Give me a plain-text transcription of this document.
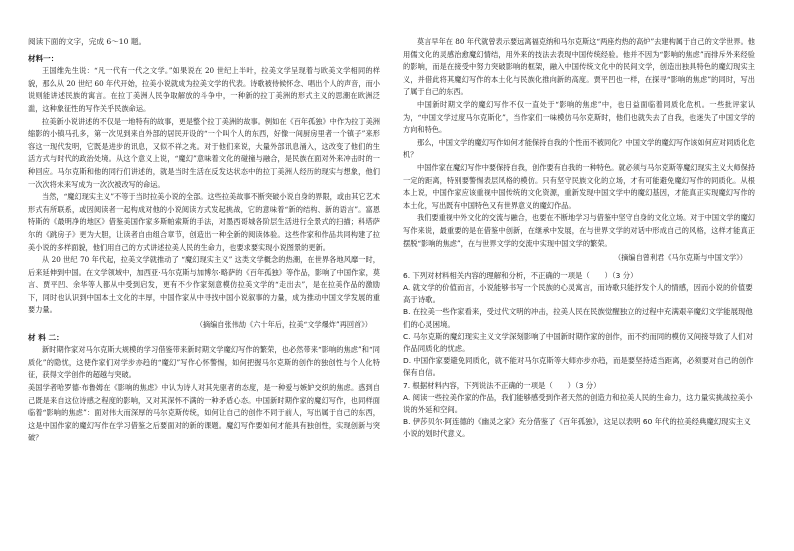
阅读下面的文字，完成 6～10 题。

材料一：

王国维先生说：“凡一代有一代之文学。”如果说在 20 世纪上半叶，拉美文学呈现着与欧美文学相同的样貌，那么从 20 世纪 60 年代开始，拉美小说就成为拉美文学的代表。诗歌被侍候怀念、唱出个人的声音，而小说则能讲述民族的寓言。在拉丁美洲人民争取解放的斗争中，一种新的拉丁美洲的形式主义的思潮在欧洲泛滥，这种象征性的写作关乎民族命运。

拉美新小说讲述的不仅是一地特有的故事，更是整个拉丁美洲的故事。例如在《百年孤独》中作为拉丁美洲缩影的小镇马孔多，第一次见到来自外部的居民开设的“一个叫个人的东西，好像一间厨房里者一个镇子”来形容这一现代发明，它既是进步的讯息，又似不祥之兆。对于他们来说，大量外部讯息涌入，这改变了他们的生活方式与时代的政治处境。从这个意义上说，“魔幻”意味着文化的碰撞与融合，是民族在面对外来冲击时的一种回应。马尔克斯和他的同行们讲述的，就是当时生活在反发达状态中的拉丁美洲人经历的现实与想象，他们一次次将未来写成为一次次被改写的命运。

当然，“魔幻现实主义”不等于当时拉美小说的全部。这些拉美故事不断突破小说自身的界限，或由其它艺术形式有所联系，或因阅读者一起构成对他的小说阅读方式发起挑战，它的意味着“新的结构、新的语言”。富恩特斯的《最明净的地区》借鉴美国作家多斯帕索斯的手法，对墨西哥城各阶层生活进行全景式的扫描；科塔萨尔的《跳房子》更为大胆，让读者自由组合章节，创造出一种全新的阅读体验。这些作家和作品共同构建了拉美小说的多样面貌，他们用自己的方式讲述拉美人民的生命力，也要求要实现小说图景的更新。

从 20 世纪 70 年代起，拉美文学就推动了 “魔幻现实主义” 这类文学概念的热潮，在世界各地风靡一时，后来延伸到中国。在文学领域中，加西亚·马尔克斯与加博尔·略萨的《百年孤独》等作品，影响了中国作家，莫言、贾平凹、余华等人都从中受到启发，更有不少作家刻意模仿拉美文学的“走出去”，是在拉美作品的激励下，同时也认识到中国本土文化的丰厚，中国作家从中寻找中国小说叙事的力量，成为推动中国文学发展的重要力量。

（摘编自张伟劼《六十年后，拉美“文学爆炸”再回首》）

材 料 二：

新时期作家对马尔克斯大规模的学习借鉴带来新时期文学魔幻写作的繁荣，也必然带来“影响的焦虑”和“同质化”的隐忧，这使作家们对学步亦趋的“魔幻”写作心怀警惕，如何把握马尔克斯的创作的独创性与个人化特征，获得文学创作的超越与突破。

美国学者哈罗德·布鲁姆在《影响的焦虑》中认为诗人对其先驱者的态度，是一种爱与嫉妒交织的焦虑。惑到自己既是来自这位诗感之程度的影响，又对其深怀不满的一种矛盾心态。中国新时期作家的魔幻写作，也同样面临着“影响的焦虑”：面对伟大而深厚的马尔克斯传统，如何让自己的创作不同于前人，写出属于自己的东西，这是中国作家的魔幻写作在学习借鉴之后要面对的新的课题。魔幻写作要如何才能具有独创性，实现创新与突破？

莫言早年在 80 年代就曾表示要远离福克纳和马尔克斯这“两座灼热的高炉”去建构属于自己的文学世界。他用儒文化的灵感治愈魔幻情结，用外来的技法去表现中国传统经验。他并不因为“影响的焦虑”而排斥外来经验的影响，而是在接受中努力突破影响的框架，融入中国传统文化中的民间文学，创造出独具特色的魔幻现实主义，并借此将其魔幻写作的本土化与民族化推向新的高度。贾平凹也一样，在探寻“影响的焦虑”的同时，写出了属于自己的东西。

中国新时期文学的魔幻写作不仅一直处于“影响的焦虑”中，也日益面临着同质化危机。一些批评家认为，“中国文学过度马尔克斯化”，当作家们一味模仿马尔克斯时，他们也就失去了自我，也迷失了中国文学的方向和特色。

那么，中国文学的魔幻写作如何才能保持自我的个性而不被同化？中国文学的魔幻写作该如何应对同质化危机？

中国作家在魔幻写作中要保持自我，创作要有自我的一种特色。就必须与马尔克斯等魔幻现实主义大师保持一定的距离，特别要警惕表层风格的模仿。只有坚守民族文化的立场，才有可能避免魔幻写作的同质化。从根本上说，中国作家应该重视中国传统的文化资源，重新发现中国文学中的魔幻基因，才能真正实现魔幻写作的本土化，写出既有中国特色又有世界意义的魔幻作品。

我们要重视中外文化的交流与融合，也要在不断地学习与借鉴中坚守自身的文化立场。对于中国文学的魔幻写作来说，最重要的是在借鉴中创新，在继承中发展，在与世界文学的对话中形成自己的风格，这样才能真正摆脱“影响的焦虑”，在与世界文学的交流中实现中国文学的繁荣。

（摘编自曾利君《马尔克斯与中国文学》）

6. 下列对材料相关内容的理解和分析，不正确的一项是（　　）（3 分）

A. 就文学的价值而言，小说能够书写一个民族的心灵寓言，而诗歌只能抒发个人的情感，因而小说的价值要高于诗歌。

B. 在拉美一些作家看来，受过代文明的冲击，拉美人民在民族觉醒独立的过程中充满艰辛魔幻文学能展现他们的心灵困境。

C. 马尔克斯的魔幻现实主义文学深刻影响了中国新时期作家的创作，而不约而同的模仿又间接导致了人们对作品同质化的忧虑。

D. 中国作家要避免同质化，就不能对马尔克斯等大师亦步亦趋，而是要坚持适当距离，必须要对自己的创作保有自信。

7. 根据材料内容，下列说法不正确的一项是（　　）（3 分）

A. 阅读一些拉美作家的作品，我们能够感受到作者天然的创造力和拉美人民的生命力，这力量实挑战拉美小说的外延和空间。

B. 伊莎贝尔·阿连德的《幽灵之家》充分借鉴了《百年孤独》，这足以表明 60 年代的拉美经典魔幻现实主义小说的划时代意义。
